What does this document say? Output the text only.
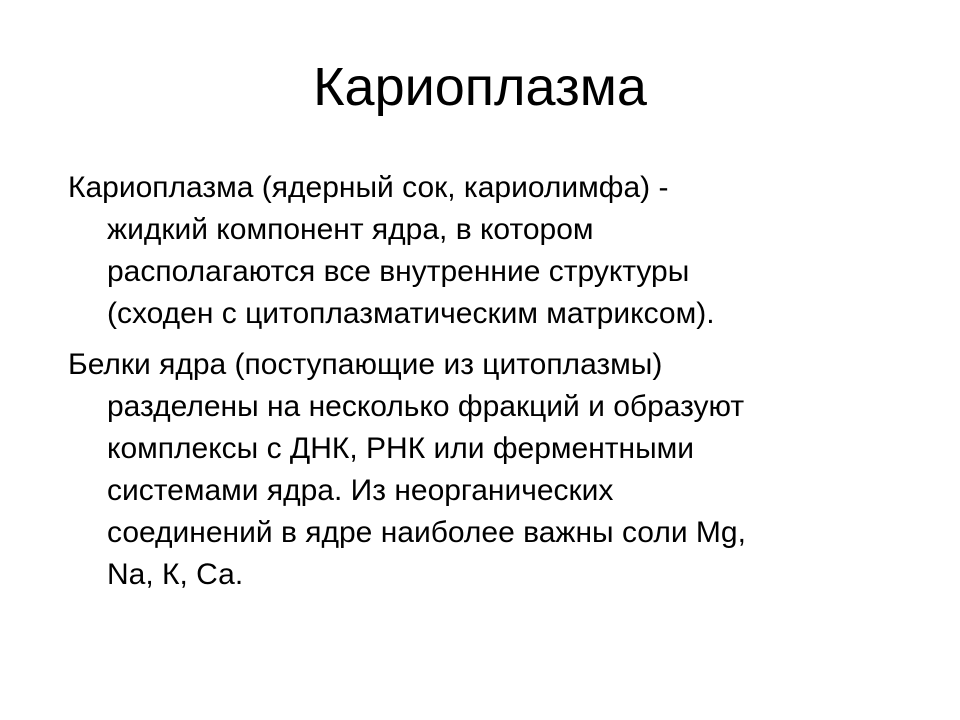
Кариоплазма

Кариоплазма (ядерный сок, кариолимфа) -

жидкий компонент ядра, в котором

располагаются все внутренние структуры

(сходен с цитоплазматическим матриксом).

Белки ядра (поступающие из цитоплазмы)

разделены на несколько фракций и образуют

комплексы с ДНК, РНК или ферментными

системами ядра. Из неорганических

соединений в ядре наиболее важны соли Mg,

Na, К, Са.
